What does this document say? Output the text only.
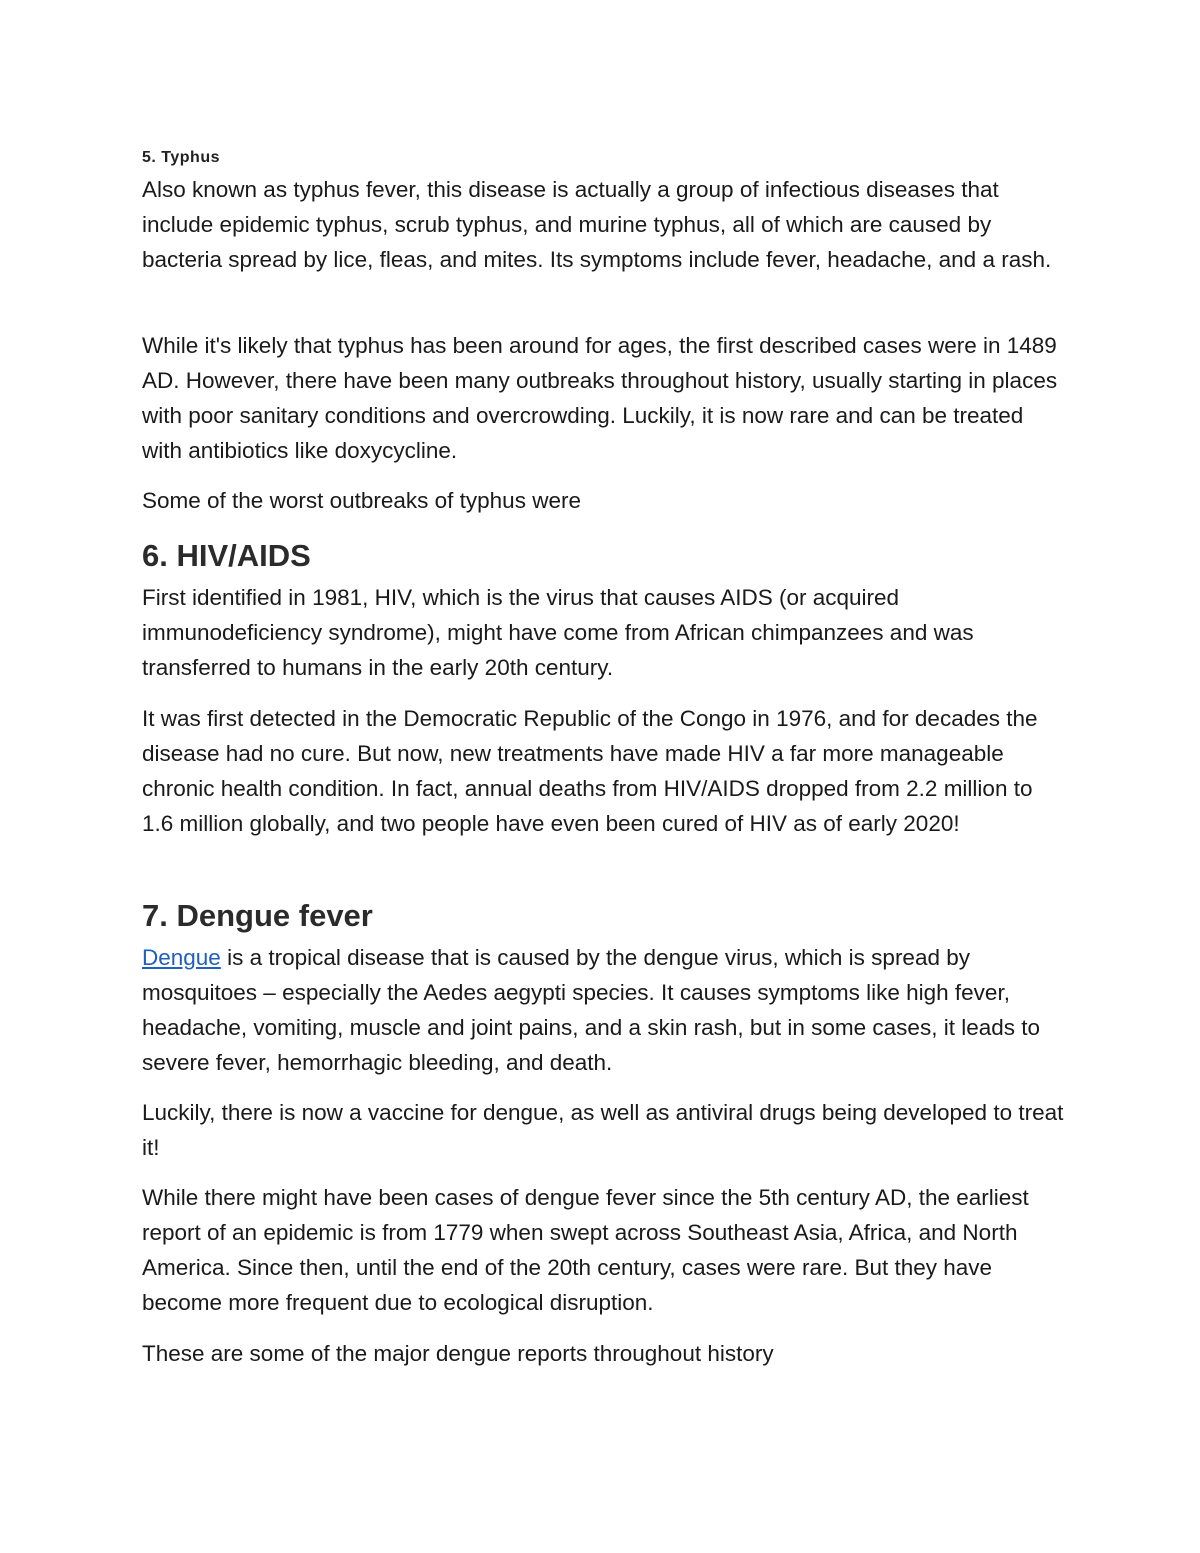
5. Typhus

Also known as typhus fever, this disease is actually a group of infectious diseases that include epidemic typhus, scrub typhus, and murine typhus, all of which are caused by bacteria spread by lice, fleas, and mites. Its symptoms include fever, headache, and a rash.

While it's likely that typhus has been around for ages, the first described cases were in 1489 AD. However, there have been many outbreaks throughout history, usually starting in places with poor sanitary conditions and overcrowding. Luckily, it is now rare and can be treated with antibiotics like doxycycline.

Some of the worst outbreaks of typhus were

6. HIV/AIDS

First identified in 1981, HIV, which is the virus that causes AIDS (or acquired immunodeficiency syndrome), might have come from African chimpanzees and was transferred to humans in the early 20th century.

It was first detected in the Democratic Republic of the Congo in 1976, and for decades the disease had no cure. But now, new treatments have made HIV a far more manageable chronic health condition. In fact, annual deaths from HIV/AIDS dropped from 2.2 million to 1.6 million globally, and two people have even been cured of HIV as of early 2020!

7. Dengue fever

Dengue is a tropical disease that is caused by the dengue virus, which is spread by mosquitoes – especially the Aedes aegypti species. It causes symptoms like high fever, headache, vomiting, muscle and joint pains, and a skin rash, but in some cases, it leads to severe fever, hemorrhagic bleeding, and death.

Luckily, there is now a vaccine for dengue, as well as antiviral drugs being developed to treat it!

While there might have been cases of dengue fever since the 5th century AD, the earliest report of an epidemic is from 1779 when swept across Southeast Asia, Africa, and North America. Since then, until the end of the 20th century, cases were rare. But they have become more frequent due to ecological disruption.

These are some of the major dengue reports throughout history
